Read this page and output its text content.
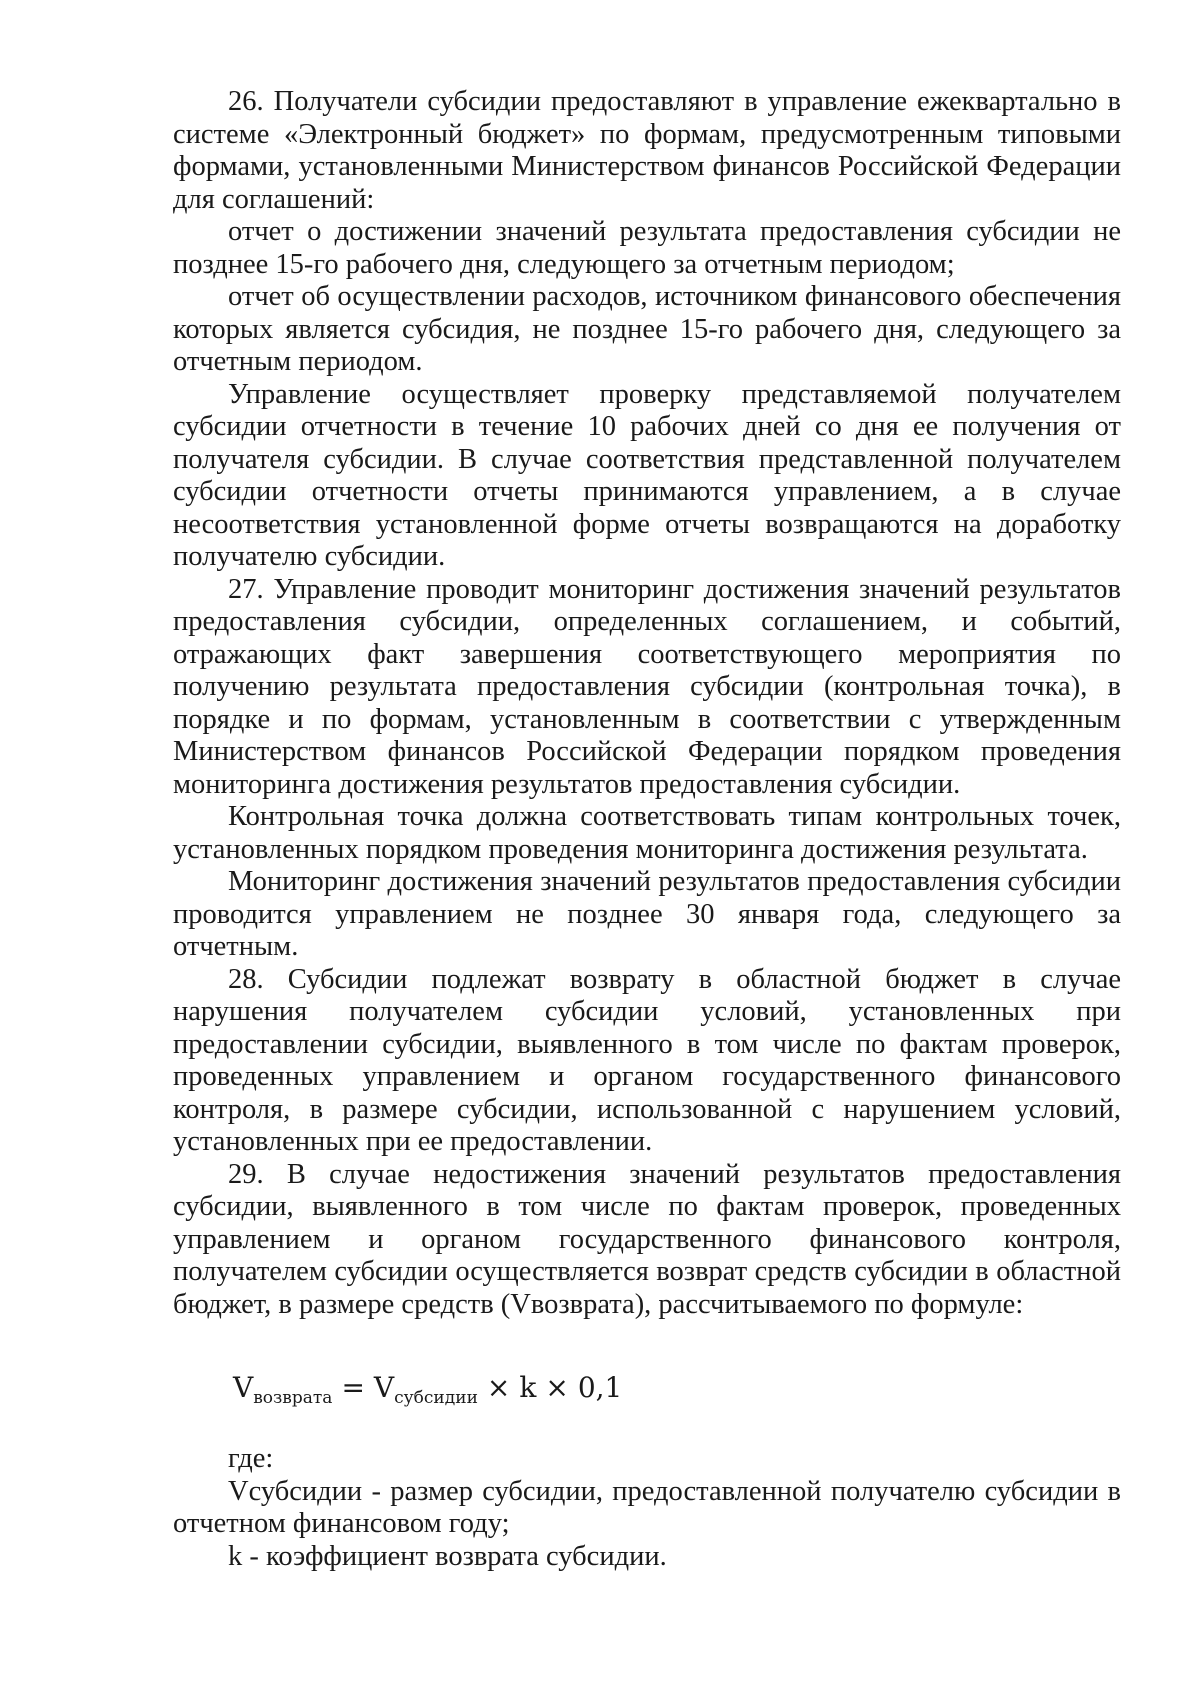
26. Получатели субсидии предоставляют в управление ежеквартально в системе «Электронный бюджет» по формам, предусмотренным типовыми формами, установленными Министерством финансов Российской Федерации для соглашений:

отчет о достижении значений результата предоставления субсидии не позднее 15-го рабочего дня, следующего за отчетным периодом;

отчет об осуществлении расходов, источником финансового обеспечения которых является субсидия, не позднее 15-го рабочего дня, следующего за отчетным периодом.

Управление осуществляет проверку представляемой получателем субсидии отчетности в течение 10 рабочих дней со дня ее получения от получателя субсидии. В случае соответствия представленной получателем субсидии отчетности отчеты принимаются управлением, а в случае несоответствия установленной форме отчеты возвращаются на доработку получателю субсидии.

27. Управление проводит мониторинг достижения значений результатов предоставления субсидии, определенных соглашением, и событий, отражающих факт завершения соответствующего мероприятия по получению результата предоставления субсидии (контрольная точка), в порядке и по формам, установленным в соответствии с утвержденным Министерством финансов Российской Федерации порядком проведения мониторинга достижения результатов предоставления субсидии.

Контрольная точка должна соответствовать типам контрольных точек, установленных порядком проведения мониторинга достижения результата.

Мониторинг достижения значений результатов предоставления субсидии проводится управлением не позднее 30 января года, следующего за отчетным.

28. Субсидии подлежат возврату в областной бюджет в случае нарушения получателем субсидии условий, установленных при предоставлении субсидии, выявленного в том числе по фактам проверок, проведенных управлением и органом государственного финансового контроля, в размере субсидии, использованной с нарушением условий, установленных при ее предоставлении.

29. В случае недостижения значений результатов предоставления субсидии, выявленного в том числе по фактам проверок, проведенных управлением и органом государственного финансового контроля, получателем субсидии осуществляется возврат средств субсидии в областной бюджет, в размере средств (Vвозврата), рассчитываемого по формуле:

$V_{возврата} = V_{субсидии} \times k \times 0,1$

где:

Vсубсидии - размер субсидии, предоставленной получателю субсидии в отчетном финансовом году;

k - коэффициент возврата субсидии.
